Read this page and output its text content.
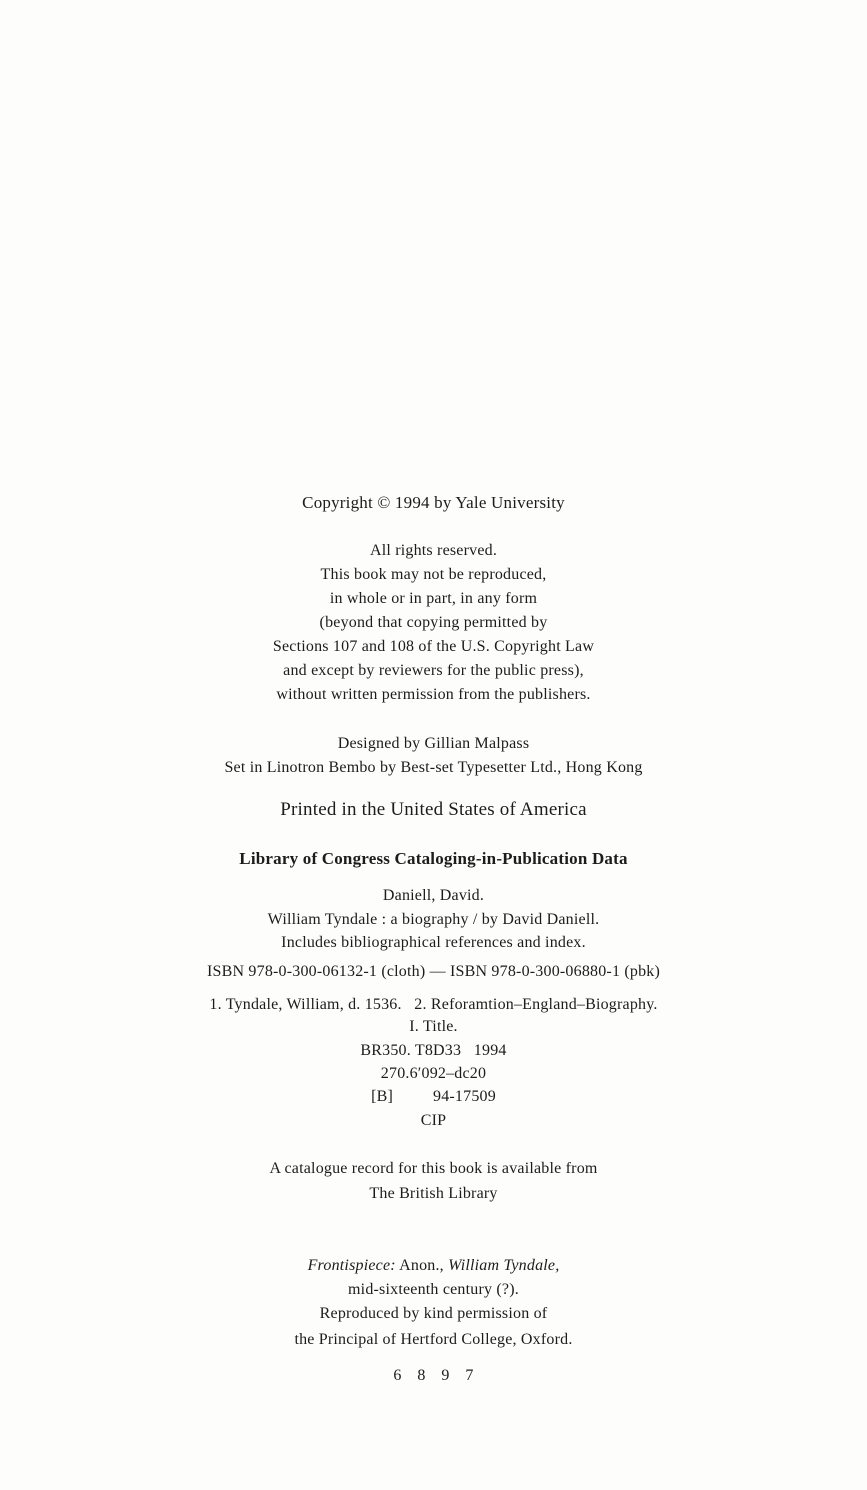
Copyright © 1994 by Yale University
All rights reserved.
This book may not be reproduced,
in whole or in part, in any form
(beyond that copying permitted by
Sections 107 and 108 of the U.S. Copyright Law
and except by reviewers for the public press),
without written permission from the publishers.
Designed by Gillian Malpass
Set in Linotron Bembo by Best-set Typesetter Ltd., Hong Kong
Printed in the United States of America
Library of Congress Cataloging-in-Publication Data
Daniell, David.
William Tyndale : a biography / by David Daniell.
Includes bibliographical references and index.
ISBN 978-0-300-06132-1 (cloth) — ISBN 978-0-300-06880-1 (pbk)
1. Tyndale, William, d. 1536.   2. Reforamtion–England–Biography.
I. Title.
BR350. T8D33   1994
270.6′092–dc20
[B]	94-17509
CIP
A catalogue record for this book is available from
The British Library
Frontispiece: Anon., William Tyndale,
mid-sixteenth century (?).
Reproduced by kind permission of
the Principal of Hertford College, Oxford.
6 8 9 7
